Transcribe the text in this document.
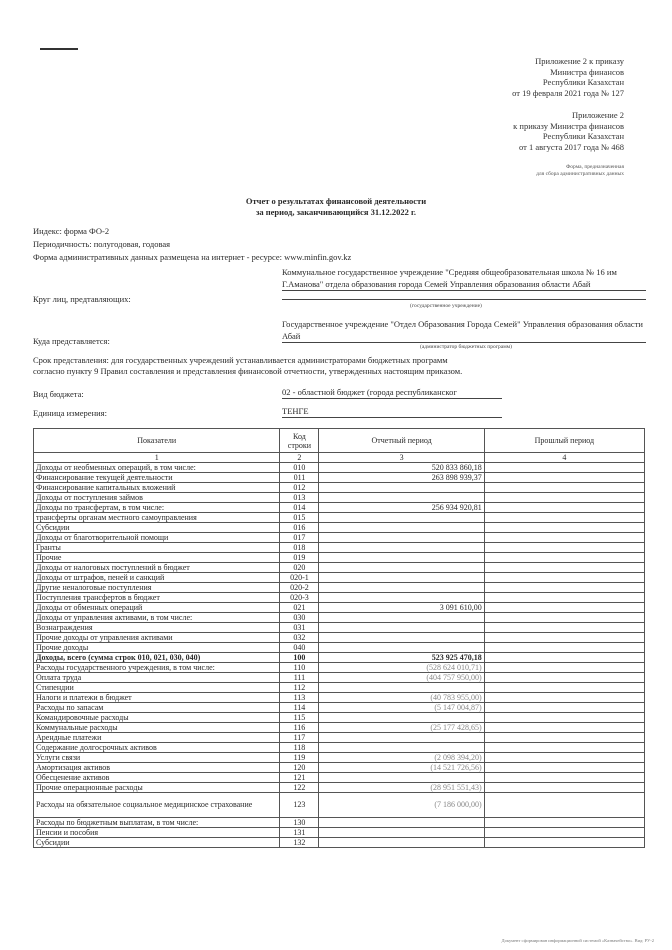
Приложение 2 к приказу
Министра финансов
Республики Казахстан
от 19 февраля 2021 года № 127
Приложение 2
к приказу Министра финансов
Республики Казахстан
от 1 августа 2017 года № 468
Форма, предназначенная
для сбора административных данных
Отчет о результатах финансовой деятельности
за период, заканчивающийся 31.12.2022 г.
Индекс: форма ФО-2
Периодичность: полугодовая, годовая
Форма административных данных размещена на интернет - ресурсе: www.minfin.gov.kz
Коммунальное государственное учреждение "Средняя общеобразовательная школа № 16 им Г.Аманова" отдела образования города Семей Управления образования области Абай
Круг лиц, предтавляющих:
(государственное учреждение)
Государственное учреждение "Отдел Образования Города Семей" Управления образования области Абай
Куда представляется:
(администратор бюджетных программ)
Срок представления: для государственных учреждений устанавливается администраторами бюджетных программ
согласно пункту 9 Правил составления и представления финансовой отчетности, утвержденных настоящим приказом.
Вид бюджета:	02 - областной бюджет (города республиканског
Единица измерения:	ТЕНГЕ
Показатели	Код строки	Отчетный период	Прошлый период
1	2	3	4
Доходы от необменных операций, в том числе:	010	520 833 860,18	
Финансирование текущей деятельности	011	263 898 939,37	
Финансирование капитальных вложений	012		
Доходы от поступления займов	013		
Доходы по трансфертам, в том числе:	014	256 934 920,81	
трансферты органам местного самоуправления	015		
Субсидии	016		
Доходы от благотворительной помощи	017		
Гранты	018		
Прочие	019		
Доходы от налоговых поступлений в бюджет	020		
Доходы от штрафов, пеней и санкций	020-1		
Другие неналоговые поступления	020-2		
Поступления трансфертов в бюджет	020-3		
Доходы от обменных операций	021	3 091 610,00	
Доходы от управления активами, в том числе:	030		
Вознаграждения	031		
Прочие доходы от управления активами	032		
Прочие доходы	040		
Доходы, всего (сумма строк 010, 021, 030, 040)	100	523 925 470,18	
Расходы государственного учреждения, в том числе:	110	(528 624 010,71)	
Оплата труда	111	(404 757 950,00)	
Стипендии	112		
Налоги и платежи в бюджет	113	(40 783 955,00)	
Расходы по запасам	114	(5 147 004,87)	
Командировочные расходы	115		
Коммунальные расходы	116	(25 177 428,65)	
Арендные платежи	117		
Содержание долгосрочных активов	118		
Услуги связи	119	(2 098 394,20)	
Амортизация активов	120	(14 521 726,56)	
Обесценение активов	121		
Прочие операционные расходы	122	(28 951 551,43)	
Расходы на обязательное социальное медицинское страхование	123	(7 186 000,00)	
Расходы по бюджетным выплатам, в том числе:	130		
Пенсии и пособия	131		
Субсидии	132		
Документ сформирован информационной системой «Казначейство». Вид: РУ-2
